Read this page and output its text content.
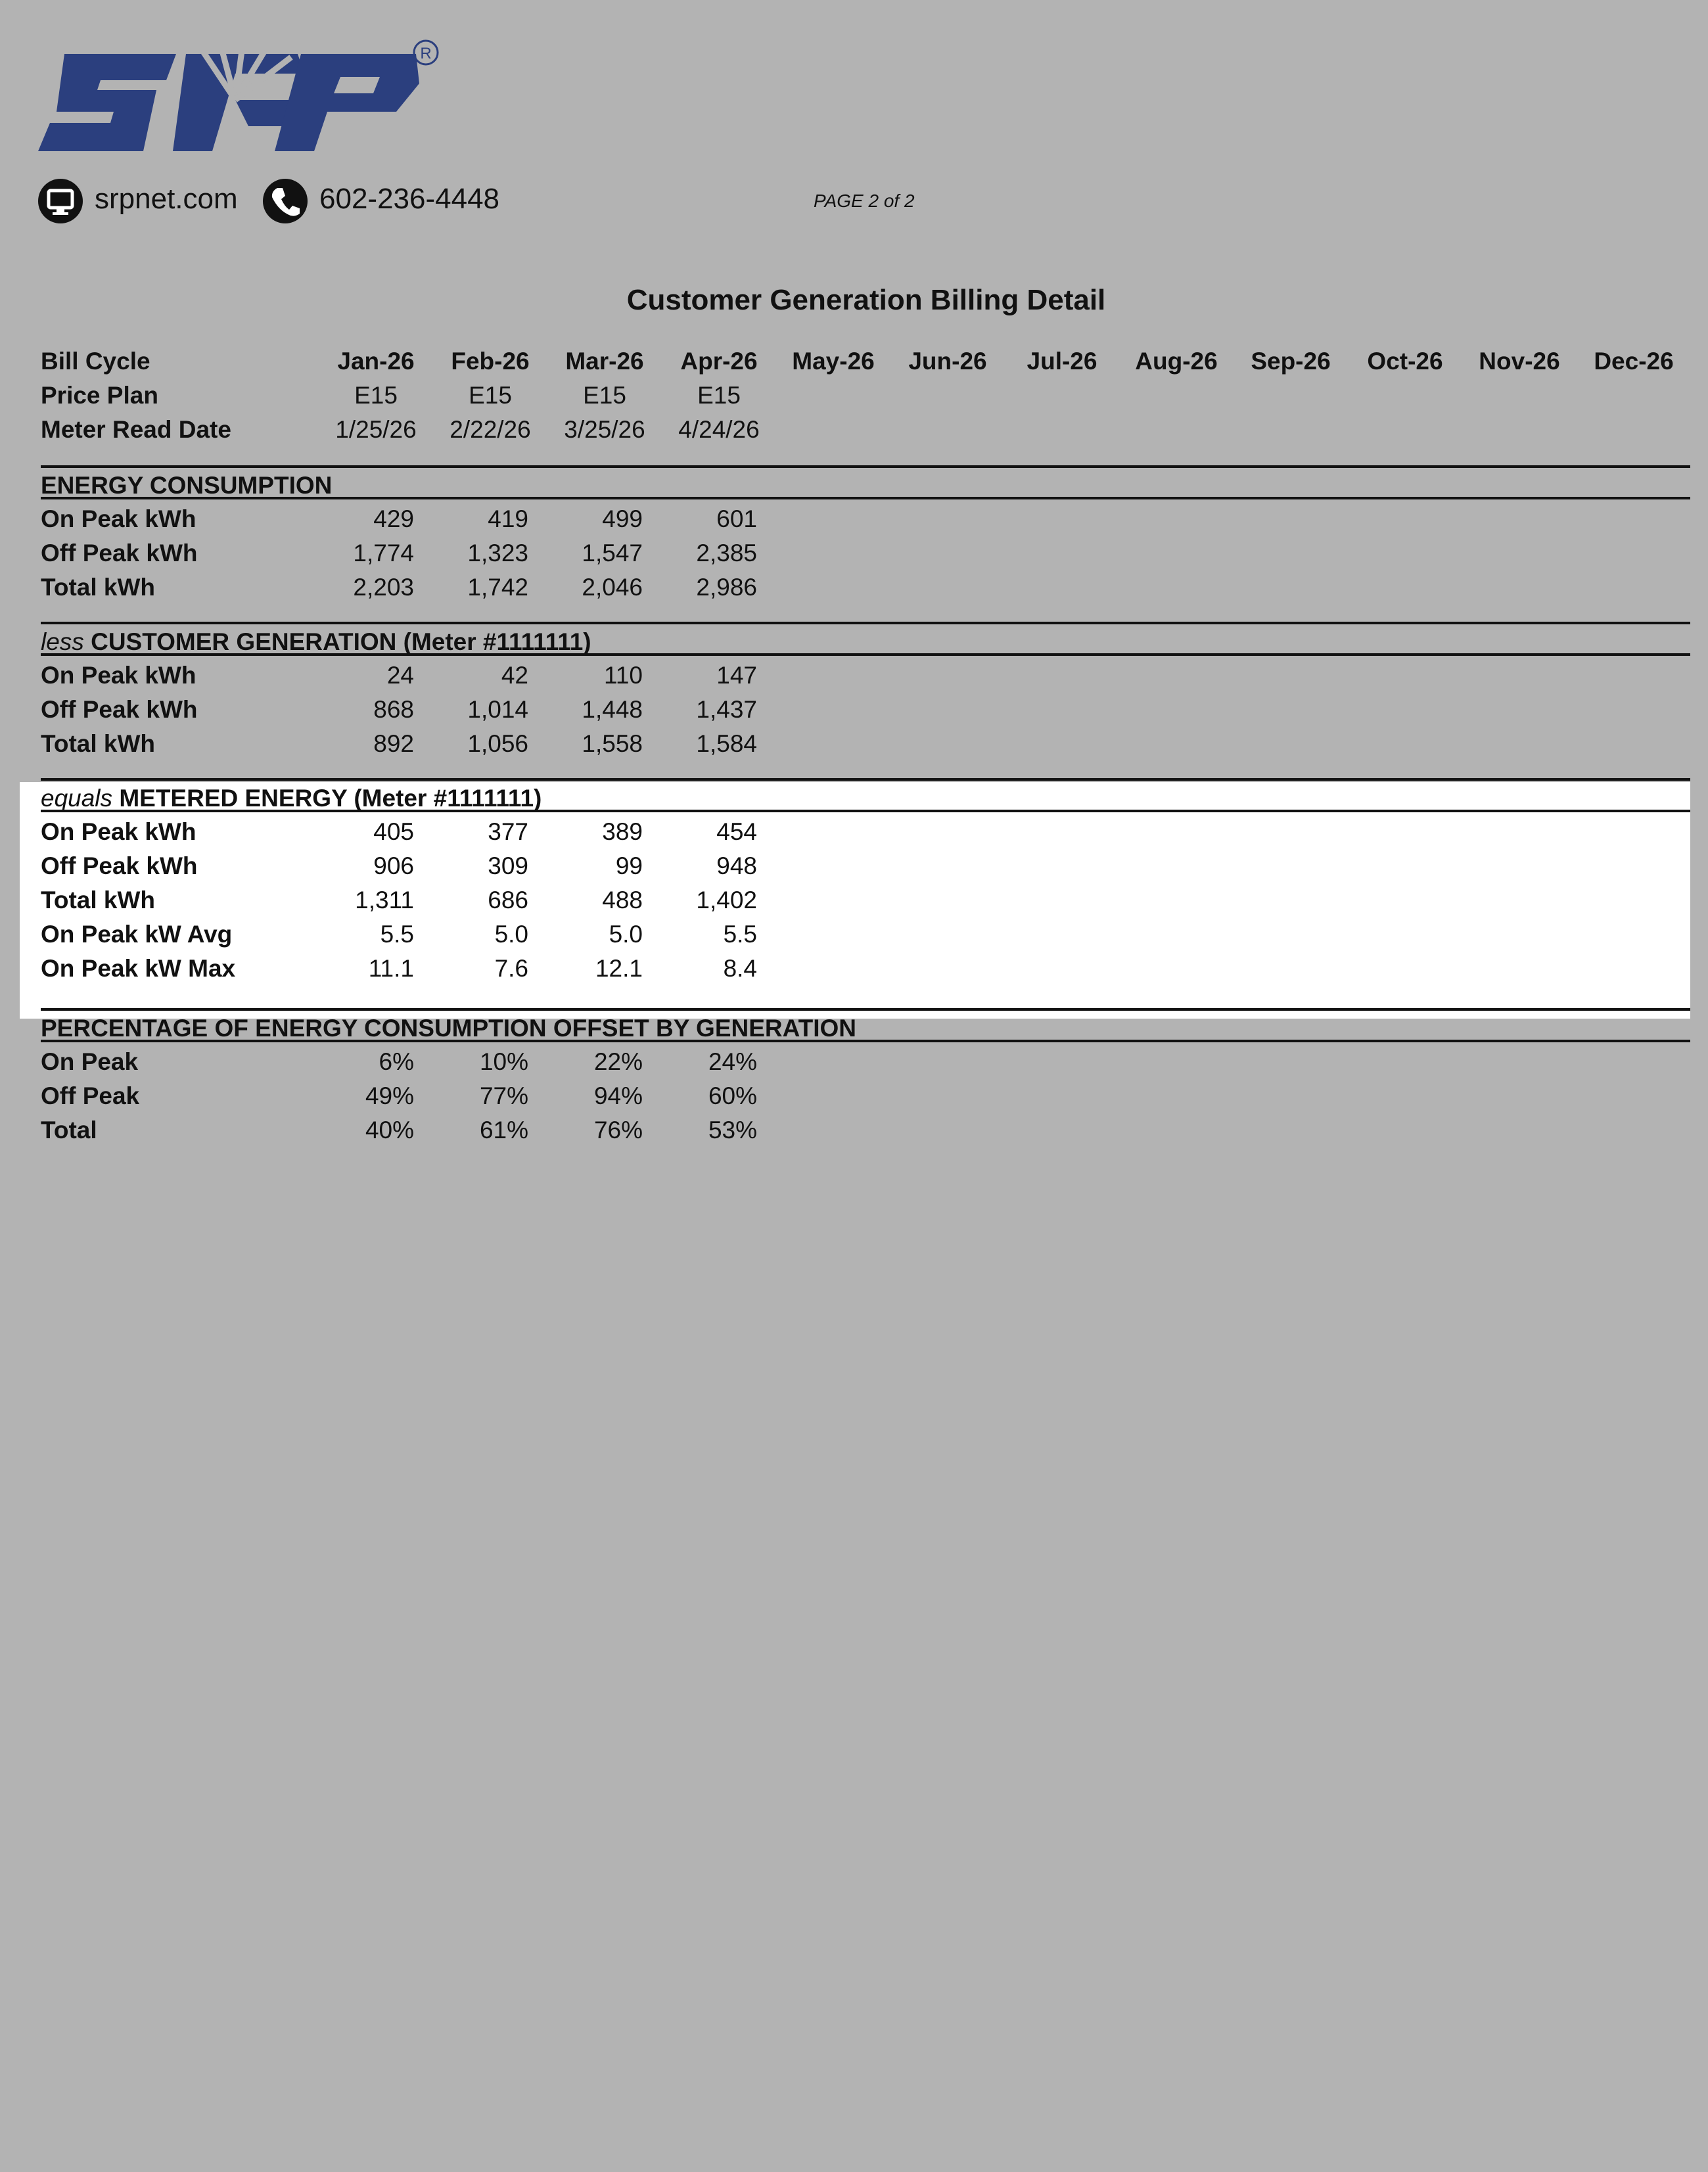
R
srpnet.com	602-236-4448	PAGE 2 of 2
Customer Generation Billing Detail
Bill Cycle	Jan-26	Feb-26	Mar-26	Apr-26	May-26	Jun-26	Jul-26	Aug-26	Sep-26	Oct-26	Nov-26	Dec-26
Price Plan	E15	E15	E15	E15
Meter Read Date	1/25/26	2/22/26	3/25/26	4/24/26
ENERGY CONSUMPTION
On Peak kWh	429	419	499	601
Off Peak kWh	1,774 1,323 1,547 2,385
Total kWh	2,203 1,742 2,046 2,986
less CUSTOMER GENERATION (Meter #1111111)
On Peak kWh	24	42	110	147
Off Peak kWh	868 1,014 1,448 1,437
Total kWh	892 1,056 1,558 1,584
equals METERED ENERGY (Meter #1111111)
On Peak kWh	405	377	389	454
Off Peak kWh	906	309	99	948
Total kWh	1,311	686	488 1,402
On Peak kW Avg	5.5	5.0	5.0	5.5
On Peak kW Max	11.1	7.6	12.1	8.4
PERCENTAGE OF ENERGY CONSUMPTION OFFSET BY GENERATION
On Peak	6%	10%	22%	24%
Off Peak	49%	77%	94%	60%
Total	40%	61%	76%	53%
